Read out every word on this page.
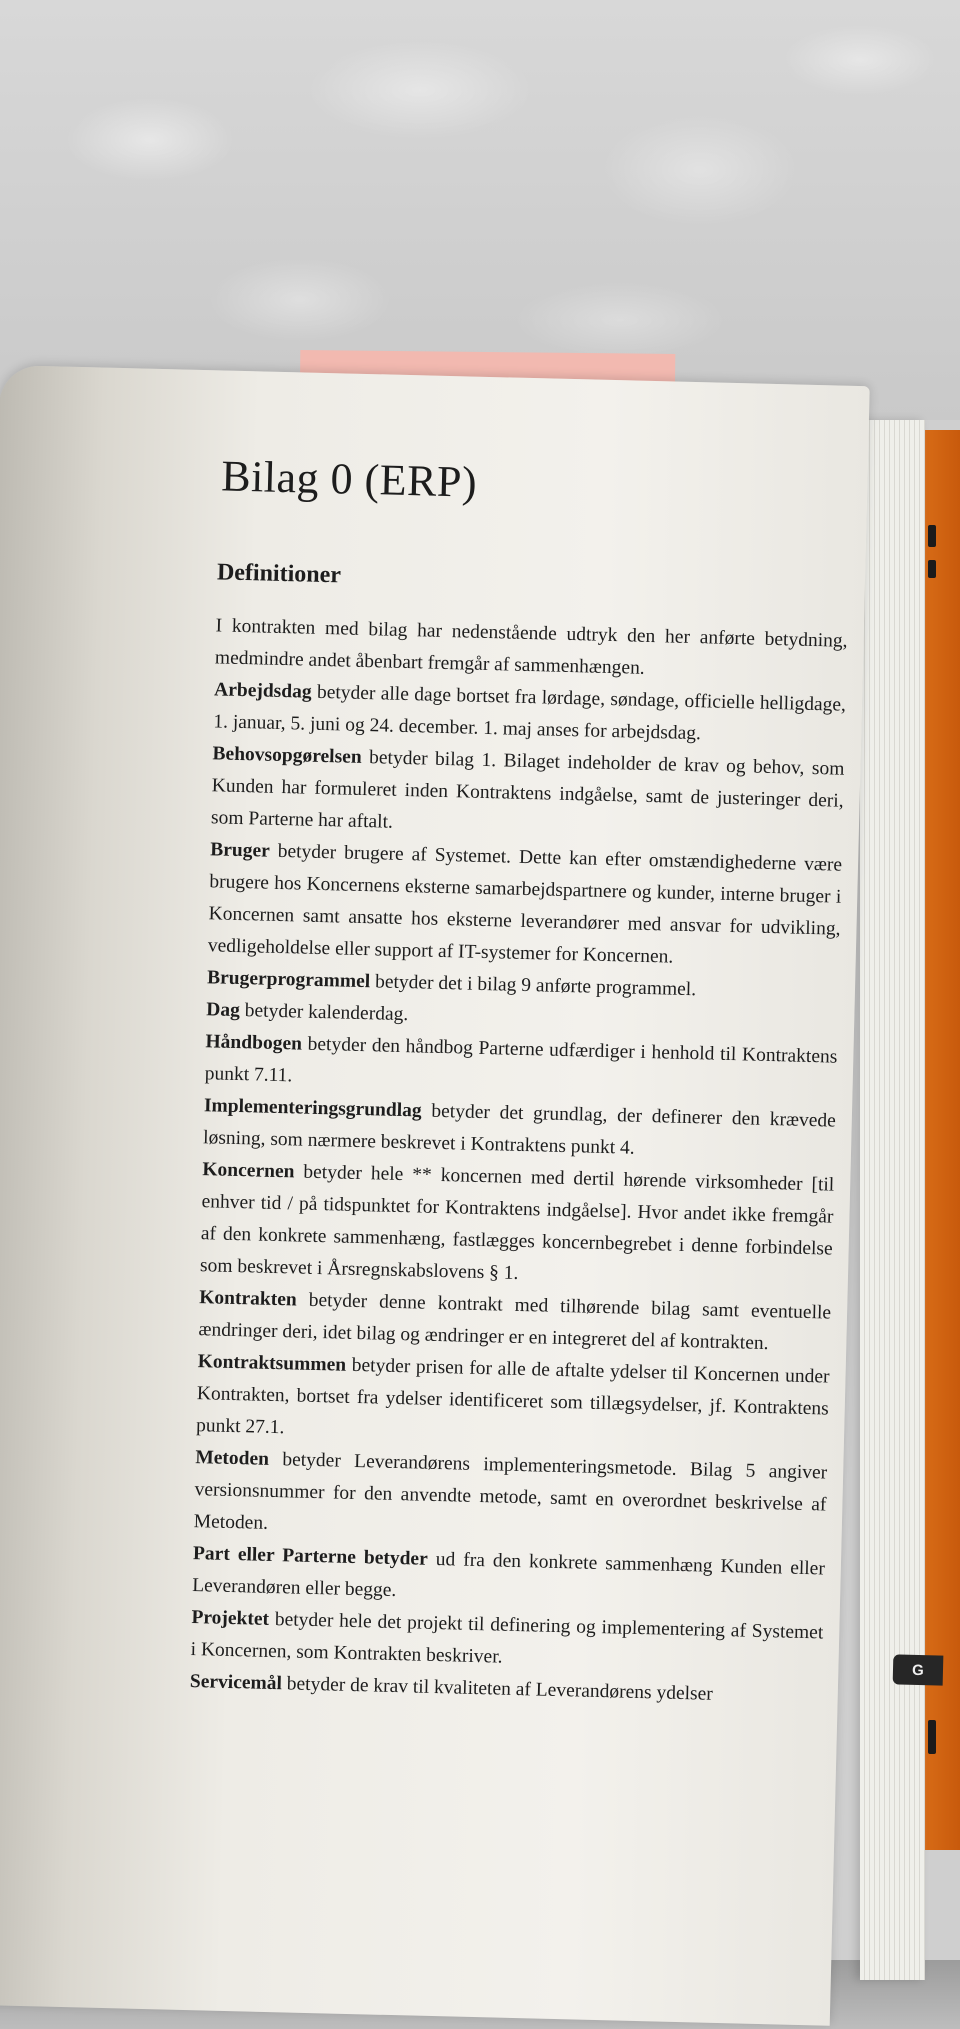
Bilag 0 (ERP)
Definitioner

I kontrakten med bilag har nedenstående udtryk den her anførte betydning, medmindre andet åbenbart fremgår af sammenhængen.

Arbejdsdag betyder alle dage bortset fra lørdage, søndage, officielle helligdage, 1. januar, 5. juni og 24. december. 1. maj anses for arbejdsdag.

Behovsopgørelsen betyder bilag 1. Bilaget indeholder de krav og behov, som Kunden har formuleret inden Kontraktens indgåelse, samt de justeringer deri, som Parterne har aftalt.

Bruger betyder brugere af Systemet. Dette kan efter omstændighederne være brugere hos Koncernens eksterne samarbejdspartnere og kunder, interne bruger i Koncernen samt ansatte hos eksterne leverandører med ansvar for udvikling, vedligeholdelse eller support af IT-systemer for Koncernen.

Brugerprogrammel betyder det i bilag 9 anførte programmel.

Dag betyder kalenderdag.

Håndbogen betyder den håndbog Parterne udfærdiger i henhold til Kontraktens punkt 7.11.

Implementeringsgrundlag betyder det grundlag, der definerer den krævede løsning, som nærmere beskrevet i Kontraktens punkt 4.

Koncernen betyder hele ** koncernen med dertil hørende virksomheder [til enhver tid / på tidspunktet for Kontraktens indgåelse]. Hvor andet ikke fremgår af den konkrete sammenhæng, fastlægges koncernbegrebet i denne forbindelse som beskrevet i Årsregnskabslovens § 1.

Kontrakten betyder denne kontrakt med tilhørende bilag samt eventuelle ændringer deri, idet bilag og ændringer er en integreret del af kontrakten.

Kontraktsummen betyder prisen for alle de aftalte ydelser til Koncernen under Kontrakten, bortset fra ydelser identificeret som tillægsydelser, jf. Kontraktens punkt 27.1.

Metoden betyder Leverandørens implementeringsmetode. Bilag 5 angiver versionsnummer for den anvendte metode, samt en overordnet beskrivelse af Metoden.

Part eller Parterne betyder ud fra den konkrete sammenhæng Kunden eller Leverandøren eller begge.

Projektet betyder hele det projekt til definering og implementering af Systemet i Koncernen, som Kontrakten beskriver.

Servicemål betyder de krav til kvaliteten af Leverandørens ydelser

G
